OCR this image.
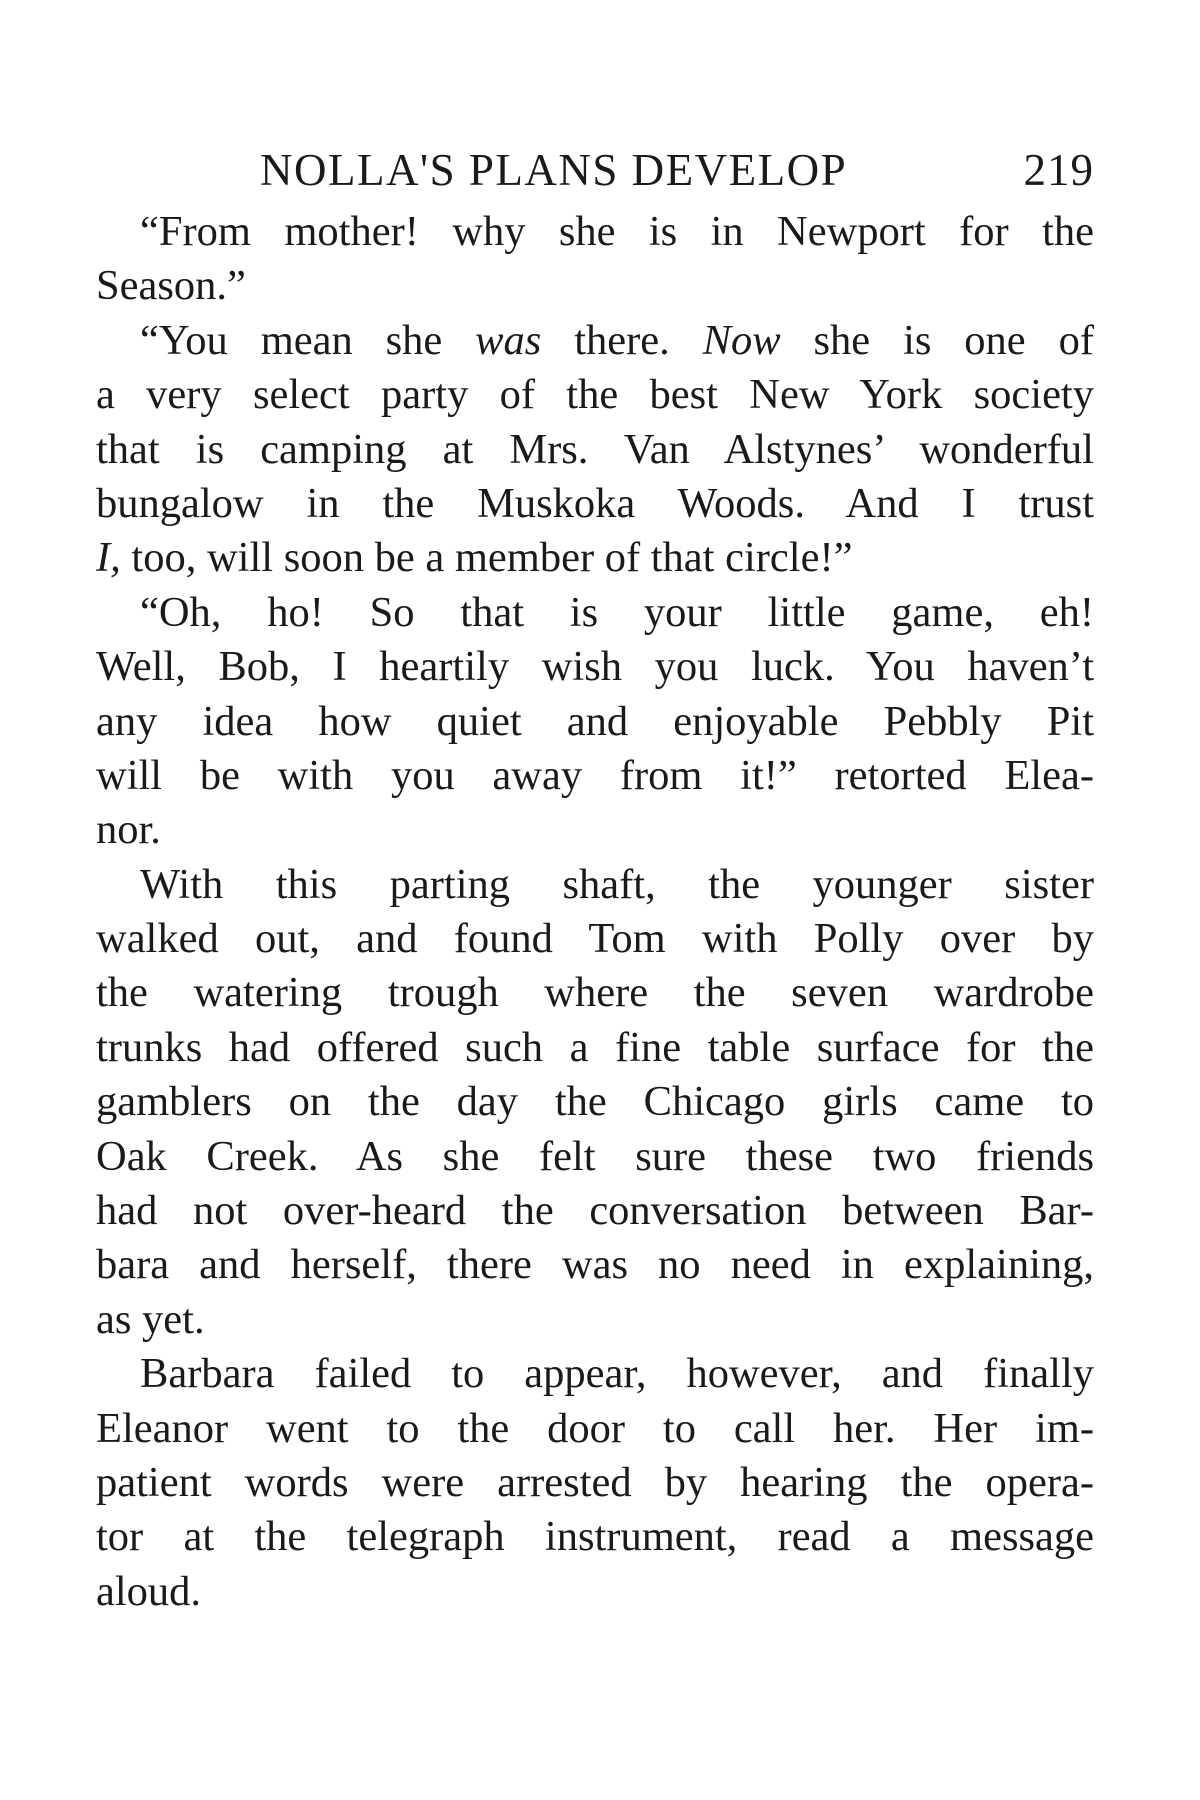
NOLLA'S PLANS DEVELOP	219
“From mother! why she is in Newport for the
Season.”
“You mean she was there. Now she is one of
a very select party of the best New York society
that is camping at Mrs. Van Alstynes’ wonderful
bungalow in the Muskoka Woods. And I trust
I, too, will soon be a member of that circle!”
“Oh, ho! So that is your little game, eh!
Well, Bob, I heartily wish you luck. You haven’t
any idea how quiet and enjoyable Pebbly Pit
will be with you away from it!” retorted Elea-
nor.
With this parting shaft, the younger sister
walked out, and found Tom with Polly over by
the watering trough where the seven wardrobe
trunks had offered such a fine table surface for the
gamblers on the day the Chicago girls came to
Oak Creek. As she felt sure these two friends
had not over-heard the conversation between Bar-
bara and herself, there was no need in explaining,
as yet.
Barbara failed to appear, however, and finally
Eleanor went to the door to call her. Her im-
patient words were arrested by hearing the opera-
tor at the telegraph instrument, read a message
aloud.
